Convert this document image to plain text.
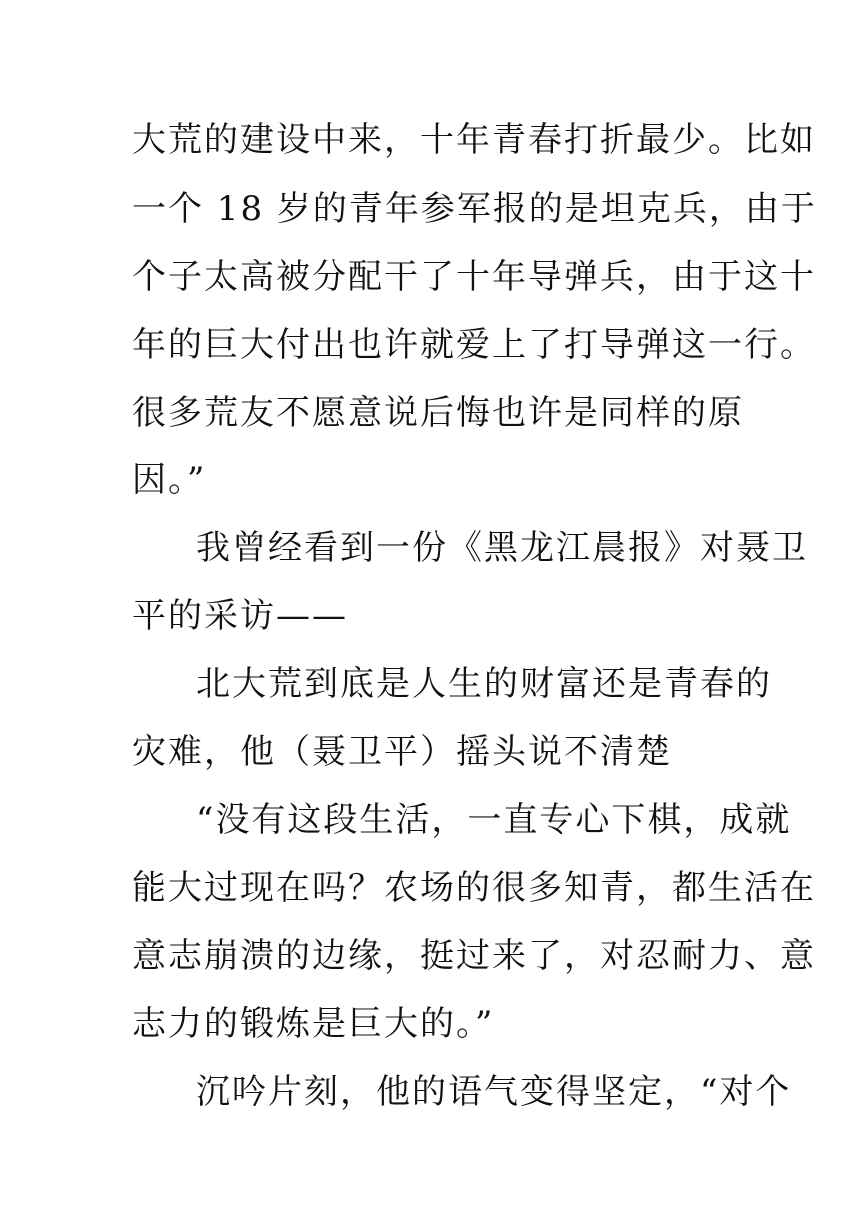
大荒的建设中来，十年青春打折最少。比如
一个 18 岁的青年参军报的是坦克兵，由于
个子太高被分配干了十年导弹兵，由于这十
年的巨大付出也许就爱上了打导弹这一行。
很多荒友不愿意说后悔也许是同样的原
因。”
我曾经看到一份《黑龙江晨报》对聂卫
平的采访——
北大荒到底是人生的财富还是青春的
灾难，他（聂卫平）摇头说不清楚
“没有这段生活，一直专心下棋，成就
能大过现在吗？农场的很多知青，都生活在
意志崩溃的边缘，挺过来了，对忍耐力、意
志力的锻炼是巨大的。”
沉吟片刻，他的语气变得坚定，“对个
